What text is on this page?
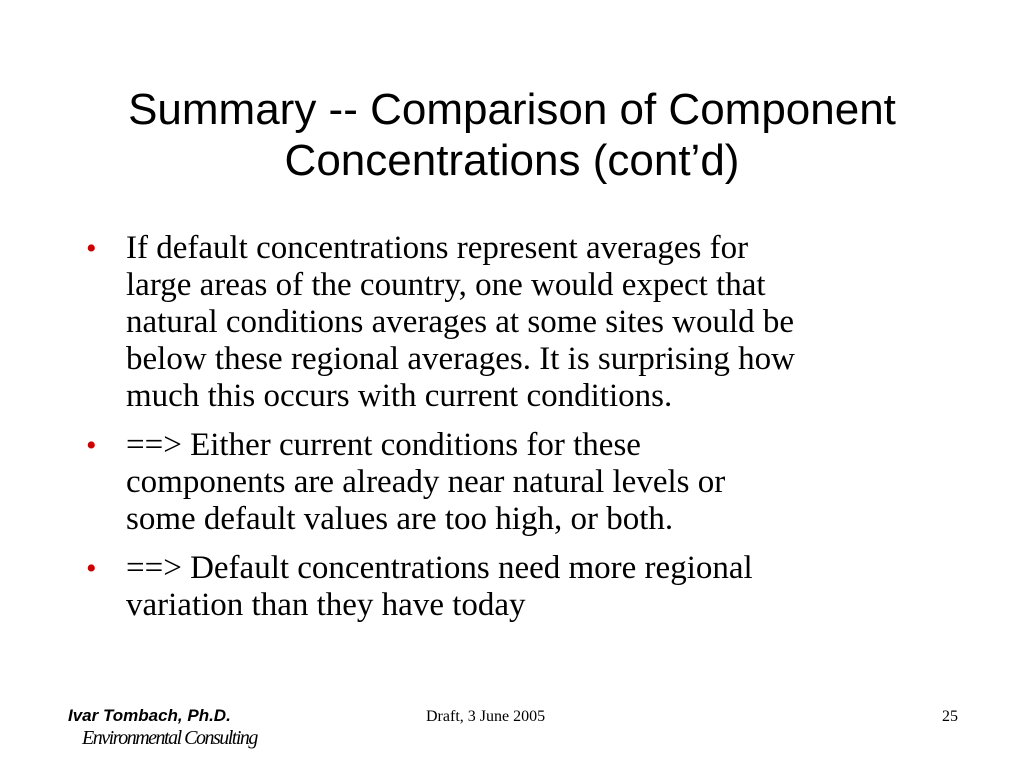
Summary -- Comparison of Component
Concentrations (cont’d)
• If default concentrations represent averages for
large areas of the country, one would expect that
natural conditions averages at some sites would be
below these regional averages. It is surprising how
much this occurs with current conditions.
• ==> Either current conditions for these
components are already near natural levels or
some default values are too high, or both.
• ==> Default concentrations need more regional
variation than they have today
Ivar Tombach, Ph.D.
Environmental Consulting
Draft, 3 June 2005	25
